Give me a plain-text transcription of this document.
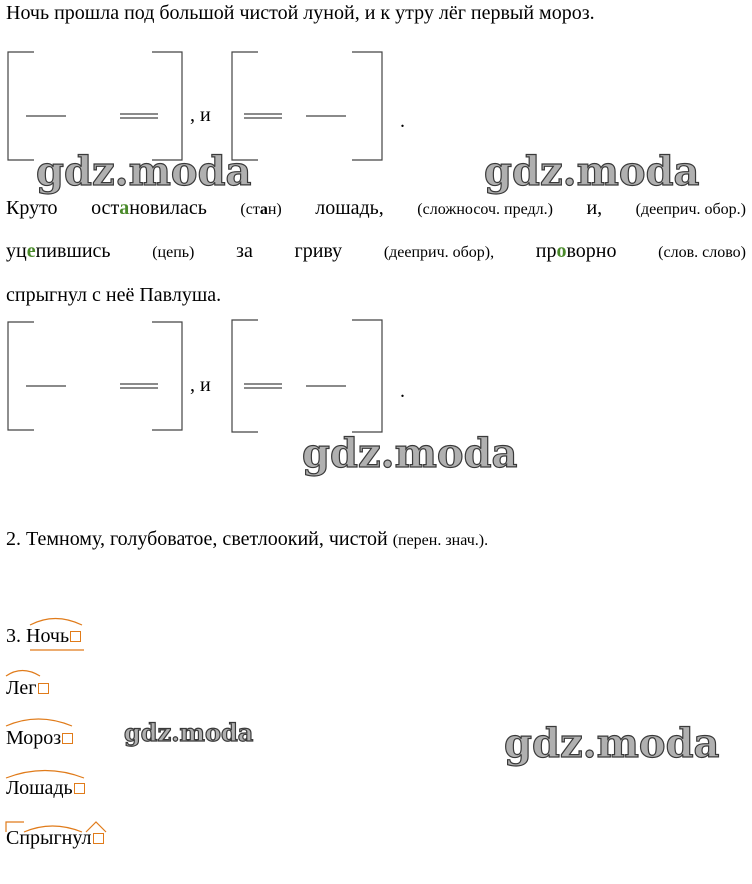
Ночь прошла под большой чистой луной, и к утру лёг первый мороз.
, и	.
gdz.moda	gdz.moda
Круто остановилась (стан) лошадь, (сложносоч. предл.) и, (дееприч. обор.)
уцепившись	(цепь) за гриву	(дееприч. обор), проворно	(слов. слово)
спрыгнул с неё Павлуша.
, и	.
gdz.moda
2. Темному, голубоватое, светлоокий, чистой (перен. знач.).
3. Ночь
Лег
Мороз
Лошадь
Спрыгнул
gdz.moda	gdz.moda
